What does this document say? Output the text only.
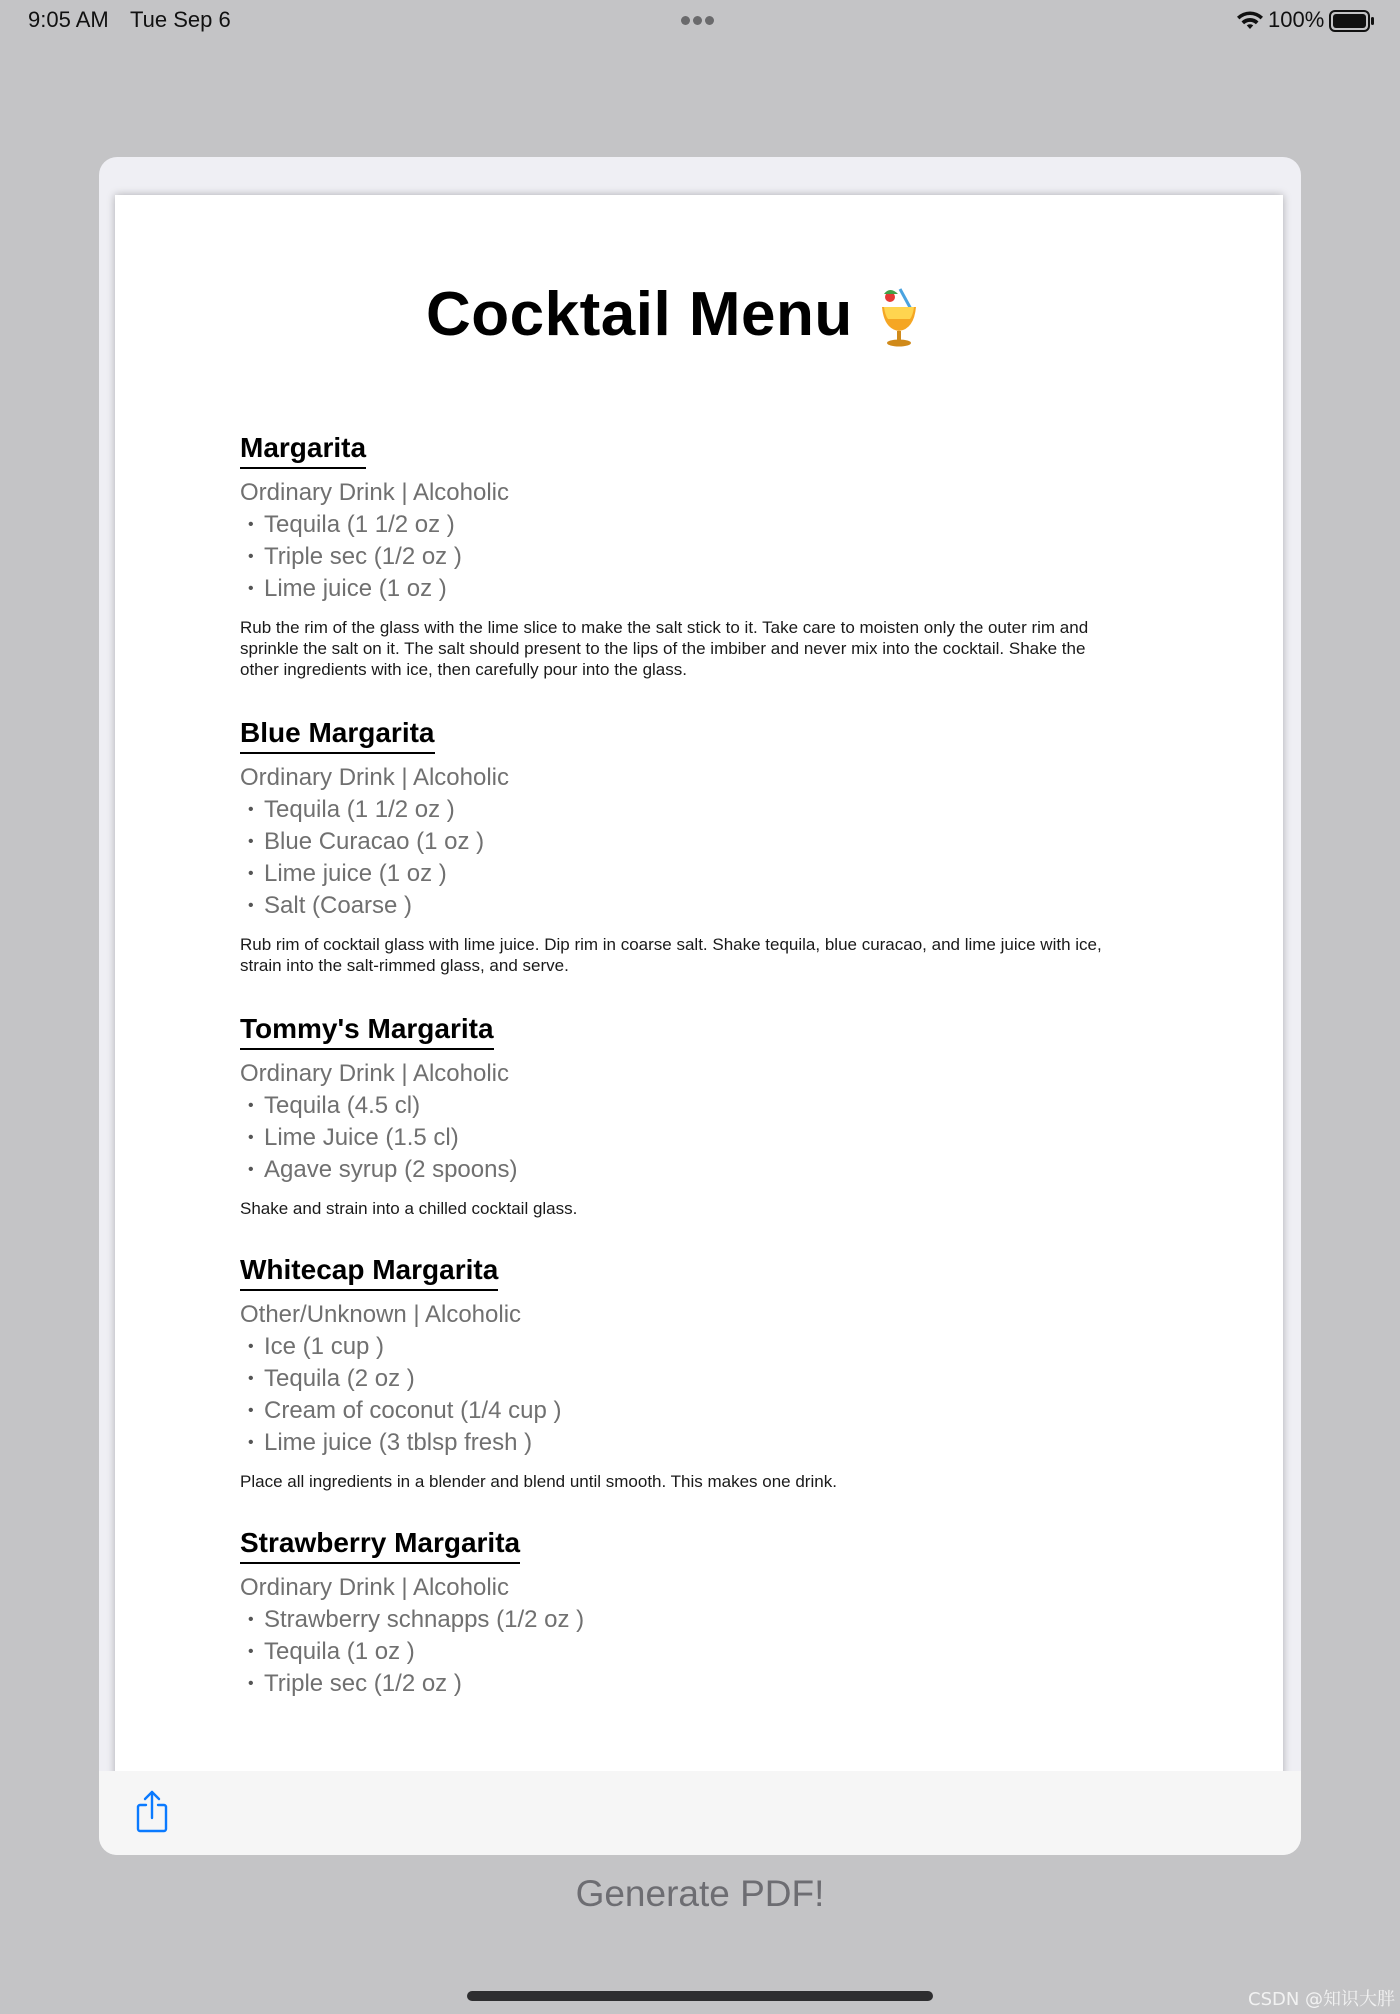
9:05 AM Tue Sep 6	100%
Cocktail Menu
Margarita

Ordinary Drink | Alcoholic

• Tequila (1 1/2 oz )
• Triple sec (1/2 oz )
• Lime juice (1 oz )

Rub the rim of the glass with the lime slice to make the salt stick to it. Take care to moisten only the outer rim and sprinkle the salt on it. The salt should present to the lips of the imbiber and never mix into the cocktail. Shake the other ingredients with ice, then carefully pour into the glass.

Blue Margarita

Ordinary Drink | Alcoholic

• Tequila (1 1/2 oz )
• Blue Curacao (1 oz )
• Lime juice (1 oz )
• Salt (Coarse )

Rub rim of cocktail glass with lime juice. Dip rim in coarse salt. Shake tequila, blue curacao, and lime juice with ice, strain into the salt-rimmed glass, and serve.

Tommy's Margarita

Ordinary Drink | Alcoholic

• Tequila (4.5 cl)
• Lime Juice (1.5 cl)
• Agave syrup (2 spoons)

Shake and strain into a chilled cocktail glass.

Whitecap Margarita

Other/Unknown | Alcoholic

• Ice (1 cup )
• Tequila (2 oz )
• Cream of coconut (1/4 cup )
• Lime juice (3 tblsp fresh )

Place all ingredients in a blender and blend until smooth. This makes one drink.

Strawberry Margarita

Ordinary Drink | Alcoholic

• Strawberry schnapps (1/2 oz )
• Tequila (1 oz )
• Triple sec (1/2 oz )
Generate PDF!
CSDN @知识大胖
